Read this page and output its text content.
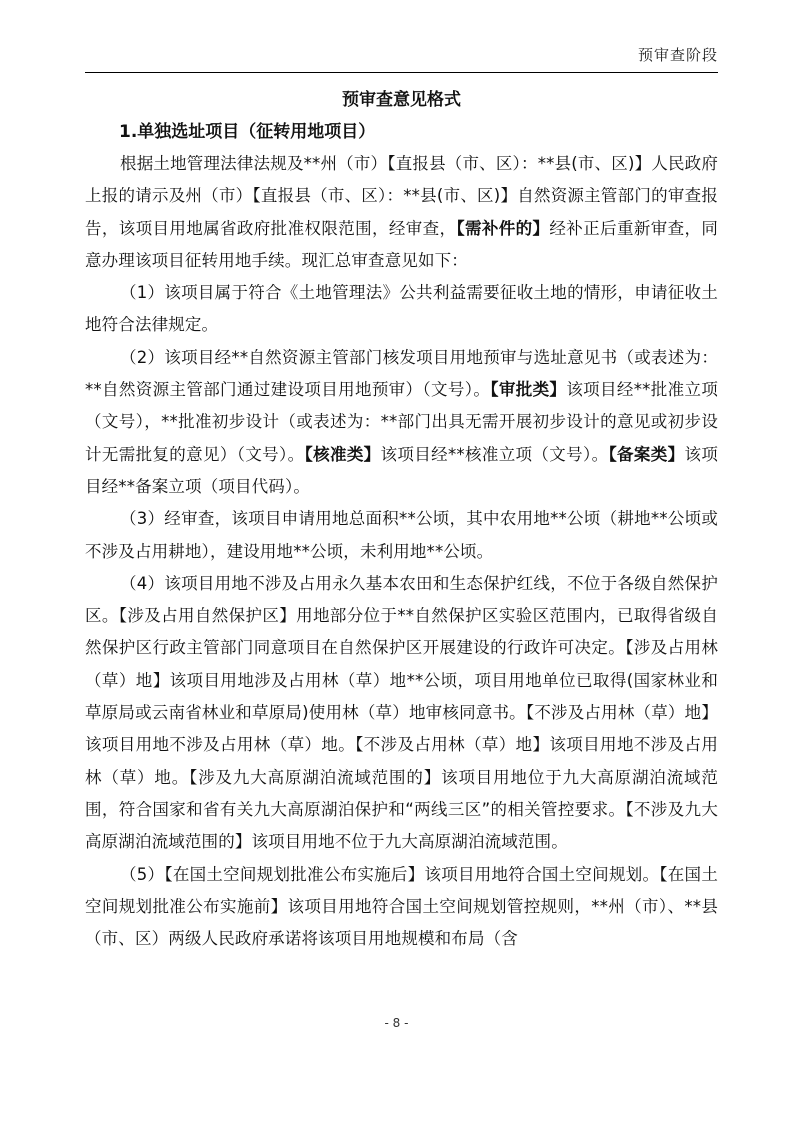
预审查阶段
预审查意见格式
1.单独选址项目（征转用地项目）

根据土地管理法律法规及**州（市）【直报县（市、区）：**县(市、区)】人民政府上报的请示及州（市）【直报县（市、区）：**县(市、区)】自然资源主管部门的审查报告，该项目用地属省政府批准权限范围，经审查，【需补件的】经补正后重新审查，同意办理该项目征转用地手续。现汇总审查意见如下：

（1）该项目属于符合《土地管理法》公共利益需要征收土地的情形，申请征收土地符合法律规定。

（2）该项目经**自然资源主管部门核发项目用地预审与选址意见书（或表述为：**自然资源主管部门通过建设项目用地预审）（文号）。【审批类】该项目经**批准立项（文号），**批准初步设计（或表述为：**部门出具无需开展初步设计的意见或初步设计无需批复的意见）（文号）。【核准类】该项目经**核准立项（文号）。【备案类】该项目经**备案立项（项目代码）。

（3）经审查，该项目申请用地总面积**公顷，其中农用地**公顷（耕地**公顷或不涉及占用耕地），建设用地**公顷，未利用地**公顷。

（4）该项目用地不涉及占用永久基本农田和生态保护红线，不位于各级自然保护区。【涉及占用自然保护区】用地部分位于**自然保护区实验区范围内，已取得省级自然保护区行政主管部门同意项目在自然保护区开展建设的行政许可决定。【涉及占用林（草）地】该项目用地涉及占用林（草）地**公顷，项目用地单位已取得(国家林业和草原局或云南省林业和草原局)使用林（草）地审核同意书。【不涉及占用林（草）地】该项目用地不涉及占用林（草）地。【不涉及占用林（草）地】该项目用地不涉及占用林（草）地。【涉及九大高原湖泊流域范围的】该项目用地位于九大高原湖泊流域范围，符合国家和省有关九大高原湖泊保护和“两线三区”的相关管控要求。【不涉及九大高原湖泊流域范围的】该项目用地不位于九大高原湖泊流域范围。

（5）【在国土空间规划批准公布实施后】该项目用地符合国土空间规划。【在国土空间规划批准公布实施前】该项目用地符合国土空间规划管控规则，**州（市）、**县（市、区）两级人民政府承诺将该项目用地规模和布局（含

- 8 -
